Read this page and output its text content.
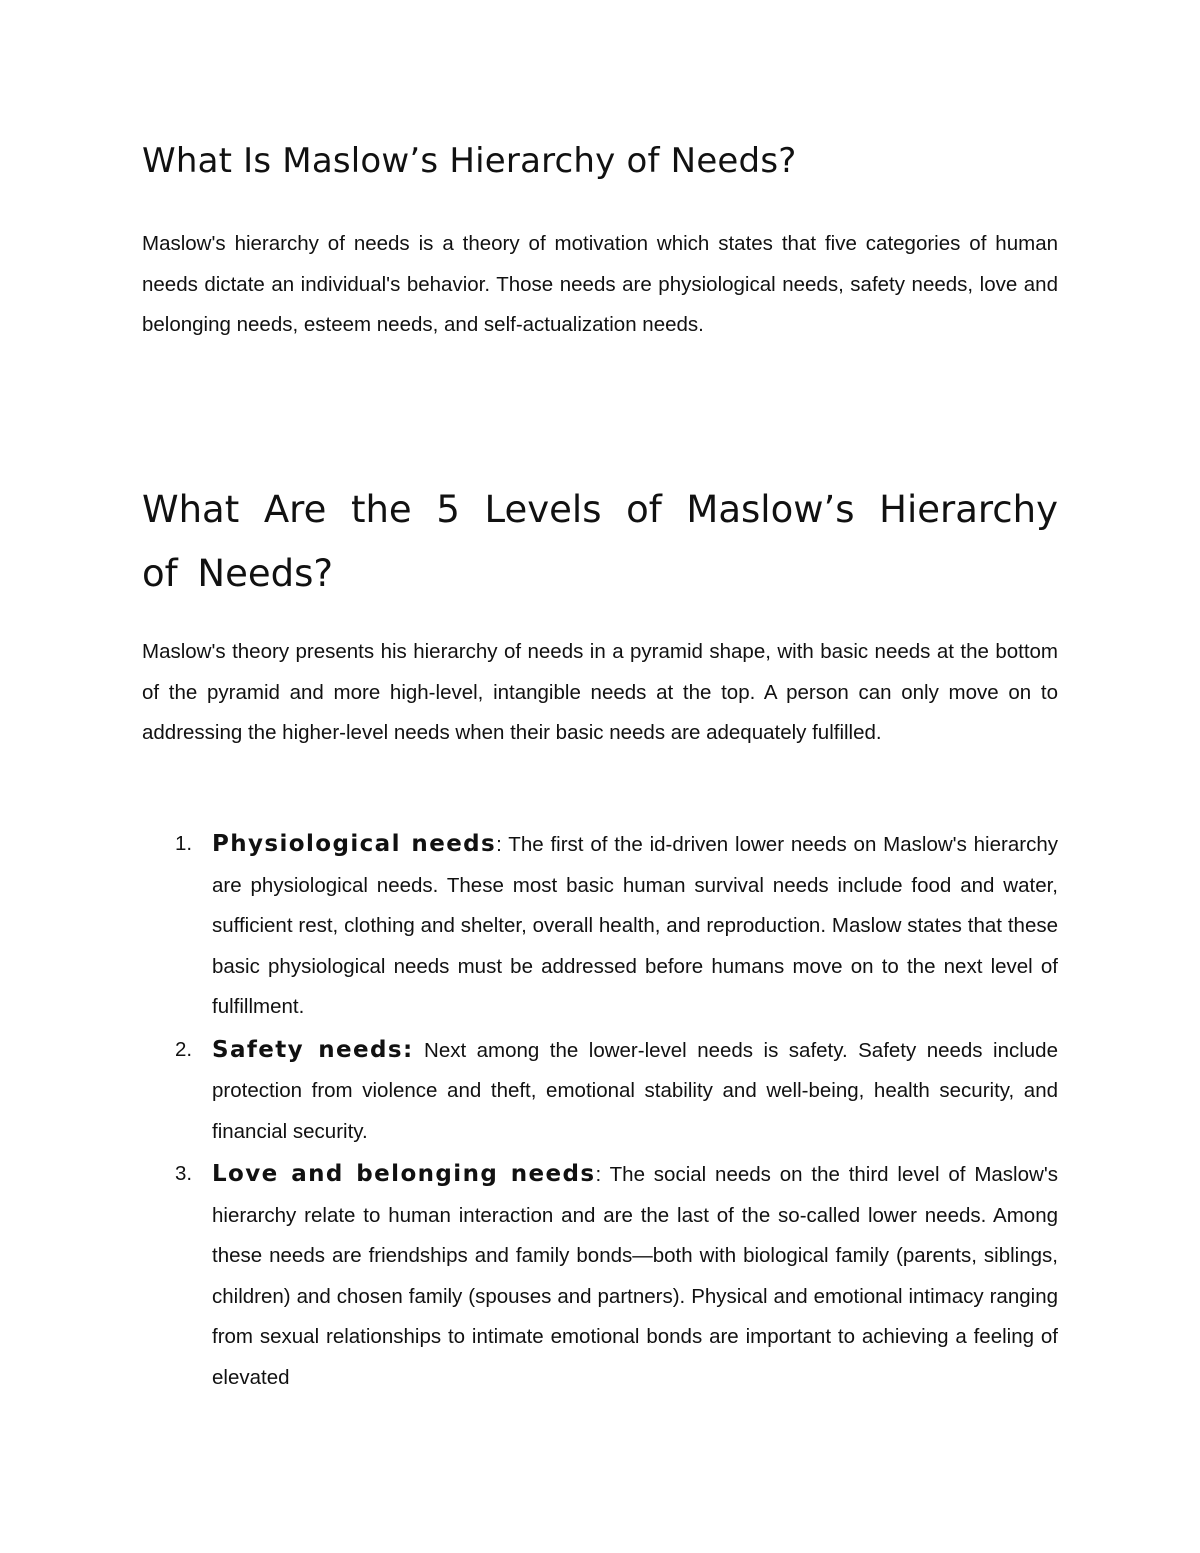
What Is Maslow’s Hierarchy of Needs?

Maslow's hierarchy of needs is a theory of motivation which states that five categories of human needs dictate an individual's behavior. Those needs are physiological needs, safety needs, love and belonging needs, esteem needs, and self-actualization needs.

What Are the 5 Levels of Maslow’s Hierarchy of Needs?

Maslow's theory presents his hierarchy of needs in a pyramid shape, with basic needs at the bottom of the pyramid and more high-level, intangible needs at the top. A person can only move on to addressing the higher-level needs when their basic needs are adequately fulfilled.

1. Physiological needs: The first of the id-driven lower needs on Maslow's hierarchy are physiological needs. These most basic human survival needs include food and water, sufficient rest, clothing and shelter, overall health, and reproduction. Maslow states that these basic physiological needs must be addressed before humans move on to the next level of fulfillment.
2. Safety needs: Next among the lower-level needs is safety. Safety needs include protection from violence and theft, emotional stability and well-being, health security, and financial security.
3. Love and belonging needs: The social needs on the third level of Maslow's hierarchy relate to human interaction and are the last of the so-called lower needs. Among these needs are friendships and family bonds—both with biological family (parents, siblings, children) and chosen family (spouses and partners). Physical and emotional intimacy ranging from sexual relationships to intimate emotional bonds are important to achieving a feeling of elevated
